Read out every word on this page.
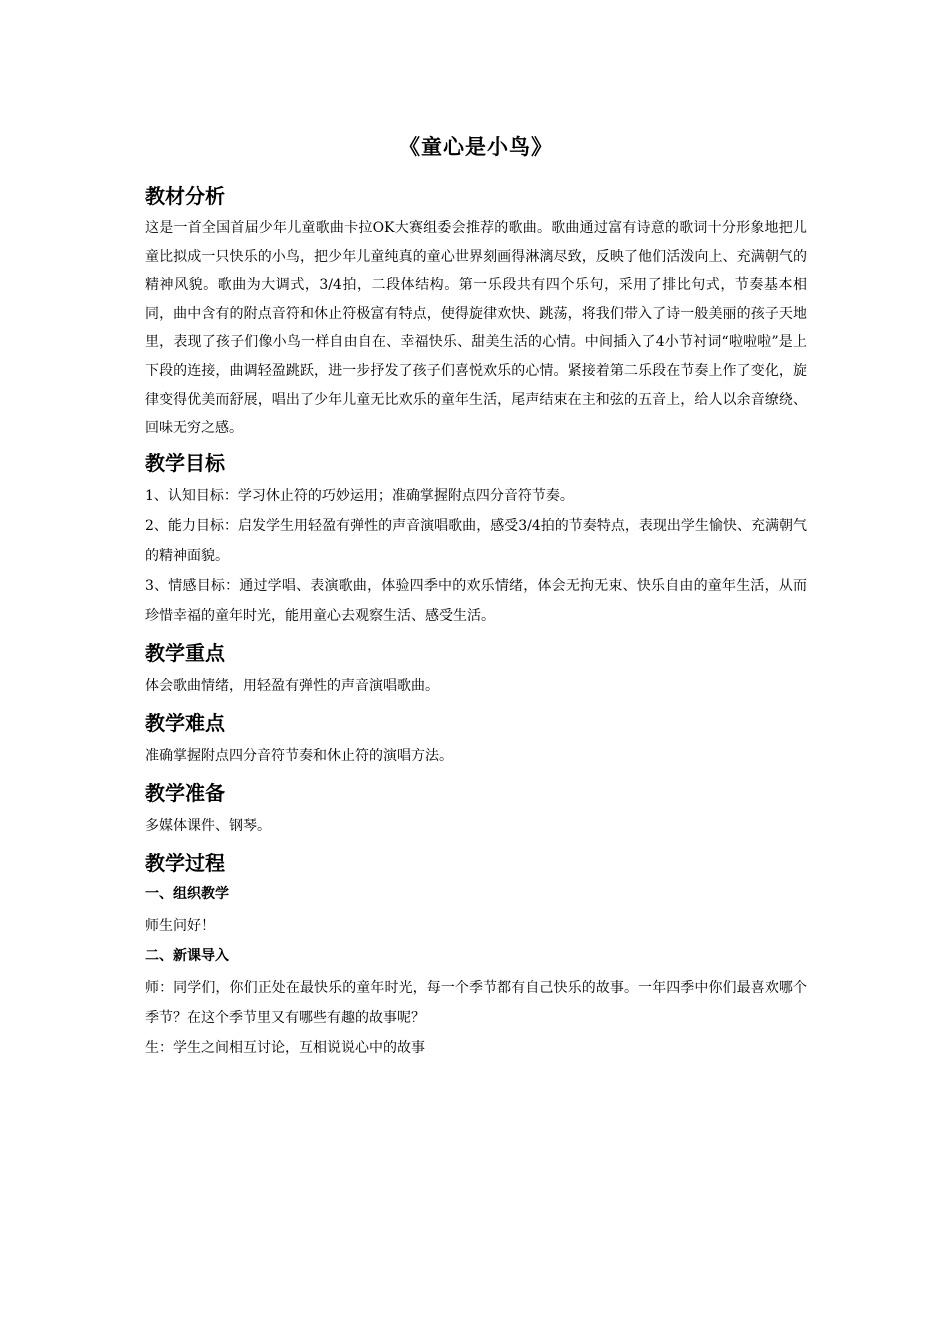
《童心是小鸟》
教材分析

这是一首全国首届少年儿童歌曲卡拉OK大赛组委会推荐的歌曲。歌曲通过富有诗意的歌词十分形象地把儿童比拟成一只快乐的小鸟，把少年儿童纯真的童心世界刻画得淋漓尽致，反映了他们活泼向上、充满朝气的精神风貌。歌曲为大调式，3/4拍，二段体结构。第一乐段共有四个乐句，采用了排比句式，节奏基本相同，曲中含有的附点音符和休止符极富有特点，使得旋律欢快、跳荡，将我们带入了诗一般美丽的孩子天地里，表现了孩子们像小鸟一样自由自在、幸福快乐、甜美生活的心情。中间插入了4小节衬词“啦啦啦”是上下段的连接，曲调轻盈跳跃，进一步抒发了孩子们喜悦欢乐的心情。紧接着第二乐段在节奏上作了变化，旋律变得优美而舒展，唱出了少年儿童无比欢乐的童年生活，尾声结束在主和弦的五音上，给人以余音缭绕、回味无穷之感。

教学目标

1、认知目标：学习休止符的巧妙运用；准确掌握附点四分音符节奏。

2、能力目标：启发学生用轻盈有弹性的声音演唱歌曲，感受3/4拍的节奏特点，表现出学生愉快、充满朝气的精神面貌。

3、情感目标：通过学唱、表演歌曲，体验四季中的欢乐情绪，体会无拘无束、快乐自由的童年生活，从而珍惜幸福的童年时光，能用童心去观察生活、感受生活。

教学重点

体会歌曲情绪，用轻盈有弹性的声音演唱歌曲。

教学难点

准确掌握附点四分音符节奏和休止符的演唱方法。

教学准备

多媒体课件、钢琴。

教学过程
一、组织教学

师生问好！

二、新课导入

师：同学们，你们正处在最快乐的童年时光，每一个季节都有自己快乐的故事。一年四季中你们最喜欢哪个季节？在这个季节里又有哪些有趣的故事呢？

生：学生之间相互讨论，互相说说心中的故事
